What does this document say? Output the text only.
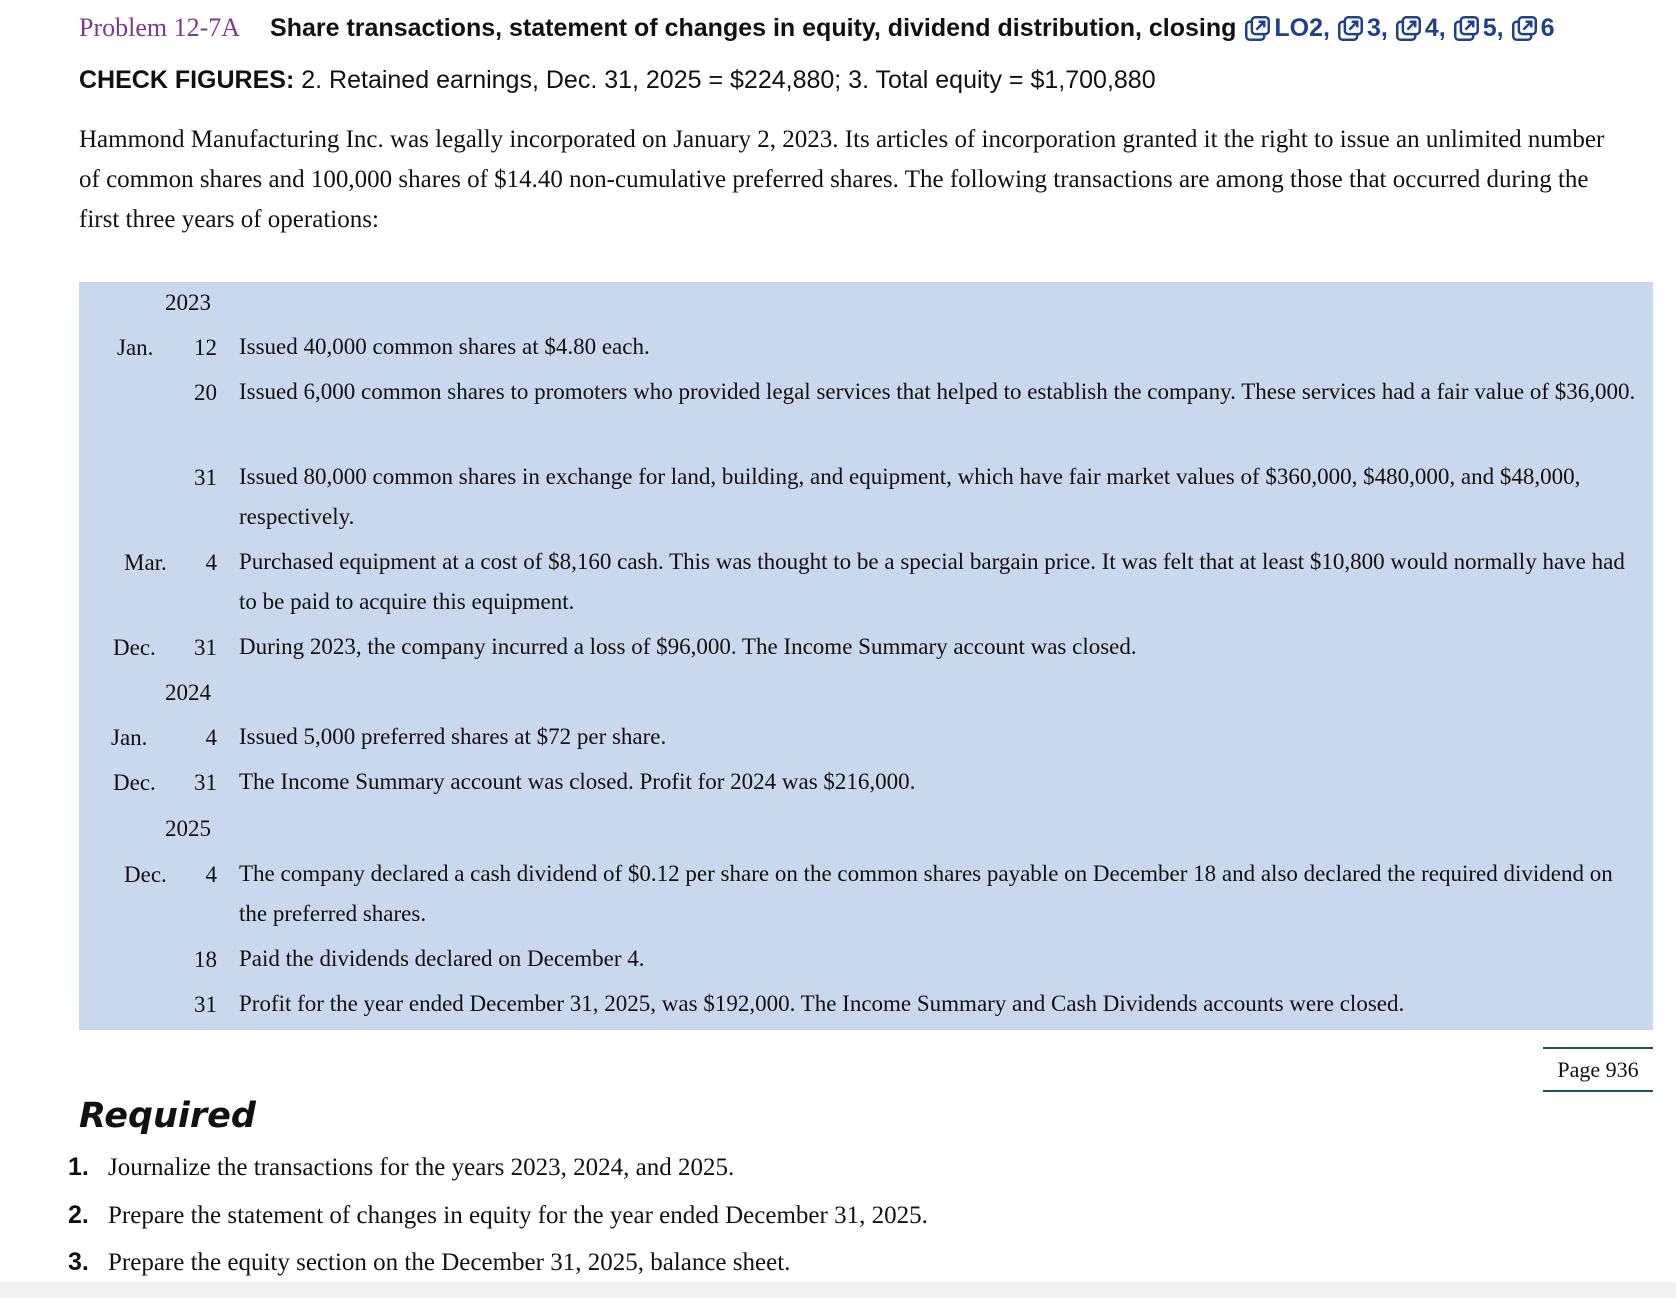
Problem 12-7A Share transactions, statement of changes in equity, dividend distribution, closing LO2, 3, 4, 5, 6
CHECK FIGURES: 2. Retained earnings, Dec. 31, 2025 = $224,880; 3. Total equity = $1,700,880

Hammond Manufacturing Inc. was legally incorporated on January 2, 2023. Its articles of incorporation granted it the right to issue an unlimited number of common shares and 100,000 shares of $14.40 non-cumulative preferred shares. The following transactions are among those that occurred during the first three years of operations:

2023
Jan.	12 Issued 40,000 common shares at $4.80 each.
20 Issued 6,000 common shares to promoters who provided legal services that helped to establish the company. These services had a fair value of $36,000.
31 Issued 80,000 common shares in exchange for land, building, and equipment, which have fair market values of $360,000, $480,000, and $48,000, respectively.
Mar.	4 Purchased equipment at a cost of $8,160 cash. This was thought to be a special bargain price. It was felt that at least $10,800 would normally have had to be paid to acquire this equipment.
Dec.	31 During 2023, the company incurred a loss of $96,000. The Income Summary account was closed.
2024
Jan.	4 Issued 5,000 preferred shares at $72 per share.
Dec.	31 The Income Summary account was closed. Profit for 2024 was $216,000.
2025
Dec.	4 The company declared a cash dividend of $0.12 per share on the common shares payable on December 18 and also declared the required dividend on the preferred shares.
18 Paid the dividends declared on December 4.
31 Profit for the year ended December 31, 2025, was $192,000. The Income Summary and Cash Dividends accounts were closed.
Page 936
Required
1. Journalize the transactions for the years 2023, 2024, and 2025.
2. Prepare the statement of changes in equity for the year ended December 31, 2025.
3. Prepare the equity section on the December 31, 2025, balance sheet.
